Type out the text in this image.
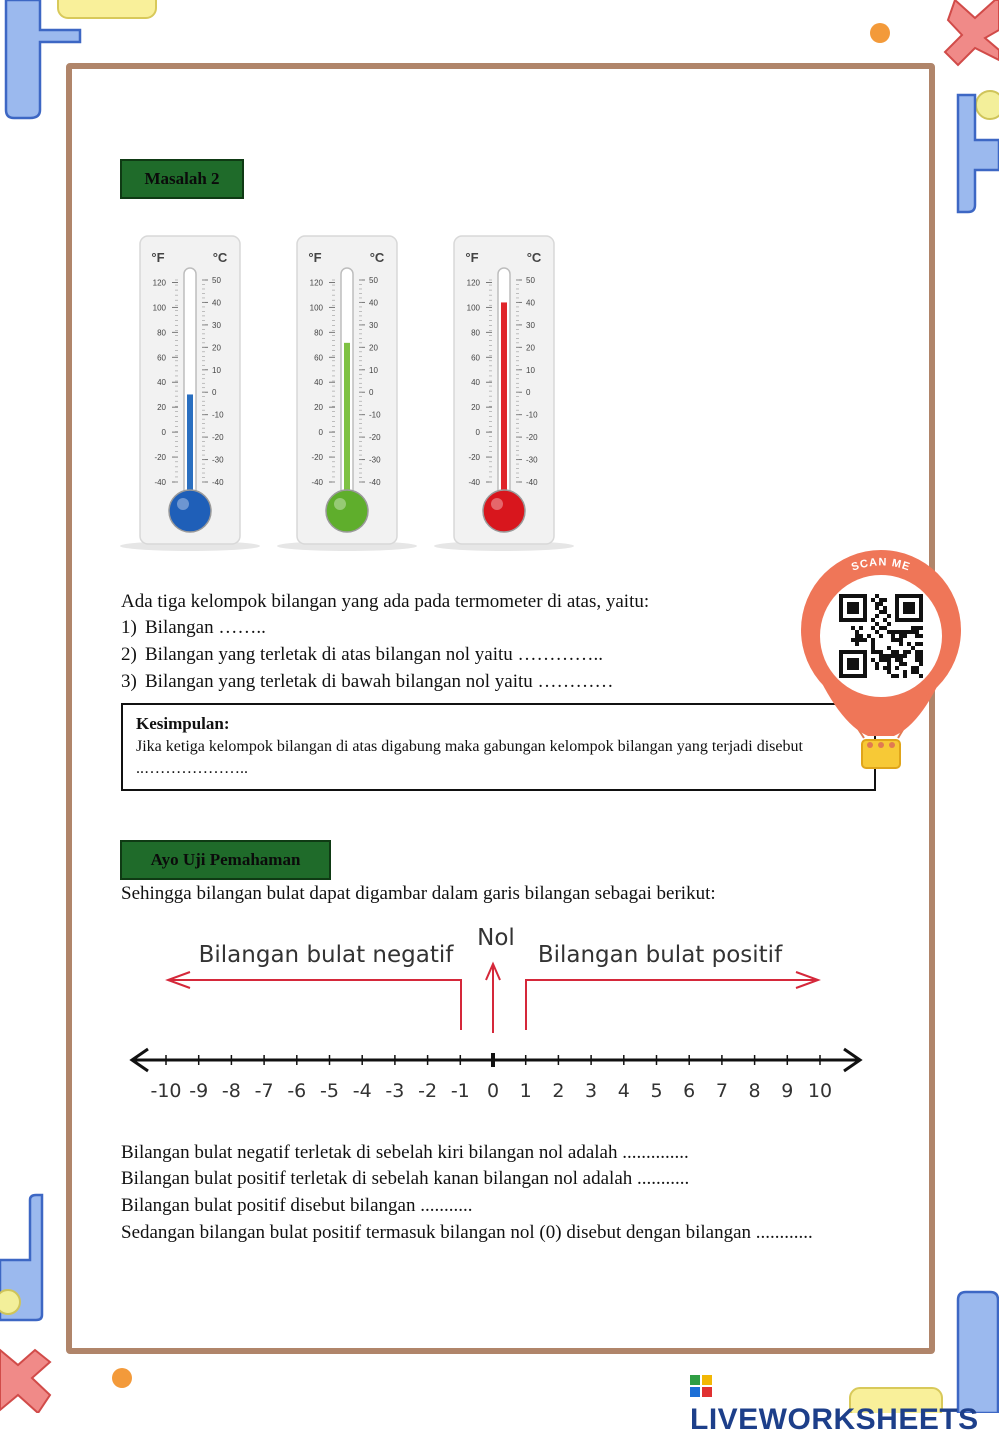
Masalah 2
°F	°C
50
40
30
20
10
0
-10
-20
-30
-40
120
100
80
60
40
20
0
-20
-40
°F	°C
50
40
30
20
10
0
-10
-20
-30
-40
120
100
80
60
40
20
0
-20
-40
°F	°C
50
40
30
20
10
0
-10
-20
-30
-40
120
100
80
60
40
20
0
-20
-40
Ada tiga kelompok bilangan yang ada pada termometer di atas, yaitu:
1) Bilangan ……..
2) Bilangan yang terletak di atas bilangan nol yaitu …………..
3) Bilangan yang terletak di bawah bilangan nol yaitu …………
Kesimpulan:
Jika ketiga kelompok bilangan di atas digabung maka gabungan kelompok bilangan yang terjadi disebut ..………………..
SCAN ME
Ayo Uji Pemahaman
Sehingga bilangan bulat dapat digambar dalam garis bilangan sebagai berikut:
Bilangan bulat negatif
Nol
Bilangan bulat positif
-10 -9 -8 -7 -6 -5 -4 -3 -2 -1 0 1 2 3 4 5 6 7 8 9 10
Bilangan bulat negatif terletak di sebelah kiri bilangan nol adalah ..............
Bilangan bulat positif terletak di sebelah kanan bilangan nol adalah ...........
Bilangan bulat positif disebut bilangan ...........
Sedangan bilangan bulat positif termasuk bilangan nol (0) disebut dengan bilangan ............
LIVEWORKSHEETS
